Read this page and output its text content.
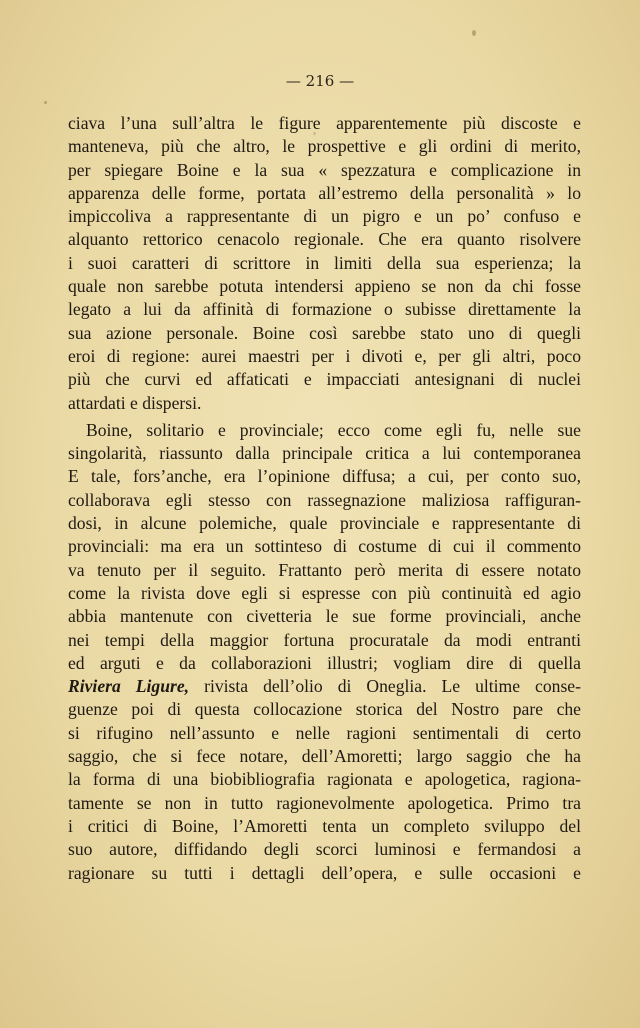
— 216 —

ciava l’una sull’altra le figure apparentemente più discoste e
manteneva, più che altro, le prospettive e gli ordini di merito,
per spiegare Boine e la sua « spezzatura e complicazione in
apparenza delle forme, portata all’estremo della personalità » lo
impiccoliva a rappresentante di un pigro e un po’ confuso e
alquanto rettorico cenacolo regionale. Che era quanto risolvere
i suoi caratteri di scrittore in limiti della sua esperienza; la
quale non sarebbe potuta intendersi appieno se non da chi fosse
legato a lui da affinità di formazione o subisse direttamente la
sua azione personale. Boine così sarebbe stato uno di quegli
eroi di regione: aurei maestri per i divoti e, per gli altri, poco
più che curvi ed affaticati e impacciati antesignani di nuclei
attardati e dispersi.

Boine, solitario e provinciale; ecco come egli fu, nelle sue
singolarità, riassunto dalla principale critica a lui contemporanea
E tale, fors’anche, era l’opinione diffusa; a cui, per conto suo,
collaborava egli stesso con rassegnazione maliziosa raffiguran-
dosi, in alcune polemiche, quale provinciale e rappresentante di
provinciali: ma era un sottinteso di costume di cui il commento
va tenuto per il seguito. Frattanto però merita di essere notato
come la rivista dove egli si espresse con più continuità ed agio
abbia mantenute con civetteria le sue forme provinciali, anche
nei tempi della maggior fortuna procuratale da modi entranti
ed arguti e da collaborazioni illustri; vogliam dire di quella
Riviera Ligure, rivista dell’olio di Oneglia. Le ultime conse-
guenze poi di questa collocazione storica del Nostro pare che
si rifugino nell’assunto e nelle ragioni sentimentali di certo
saggio, che si fece notare, dell’Amoretti; largo saggio che ha
la forma di una biobibliografia ragionata e apologetica, ragiona-
tamente se non in tutto ragionevolmente apologetica. Primo tra
i critici di Boine, l’Amoretti tenta un completo sviluppo del
suo autore, diffidando degli scorci luminosi e fermandosi a
ragionare su tutti i dettagli dell’opera, e sulle occasioni e
